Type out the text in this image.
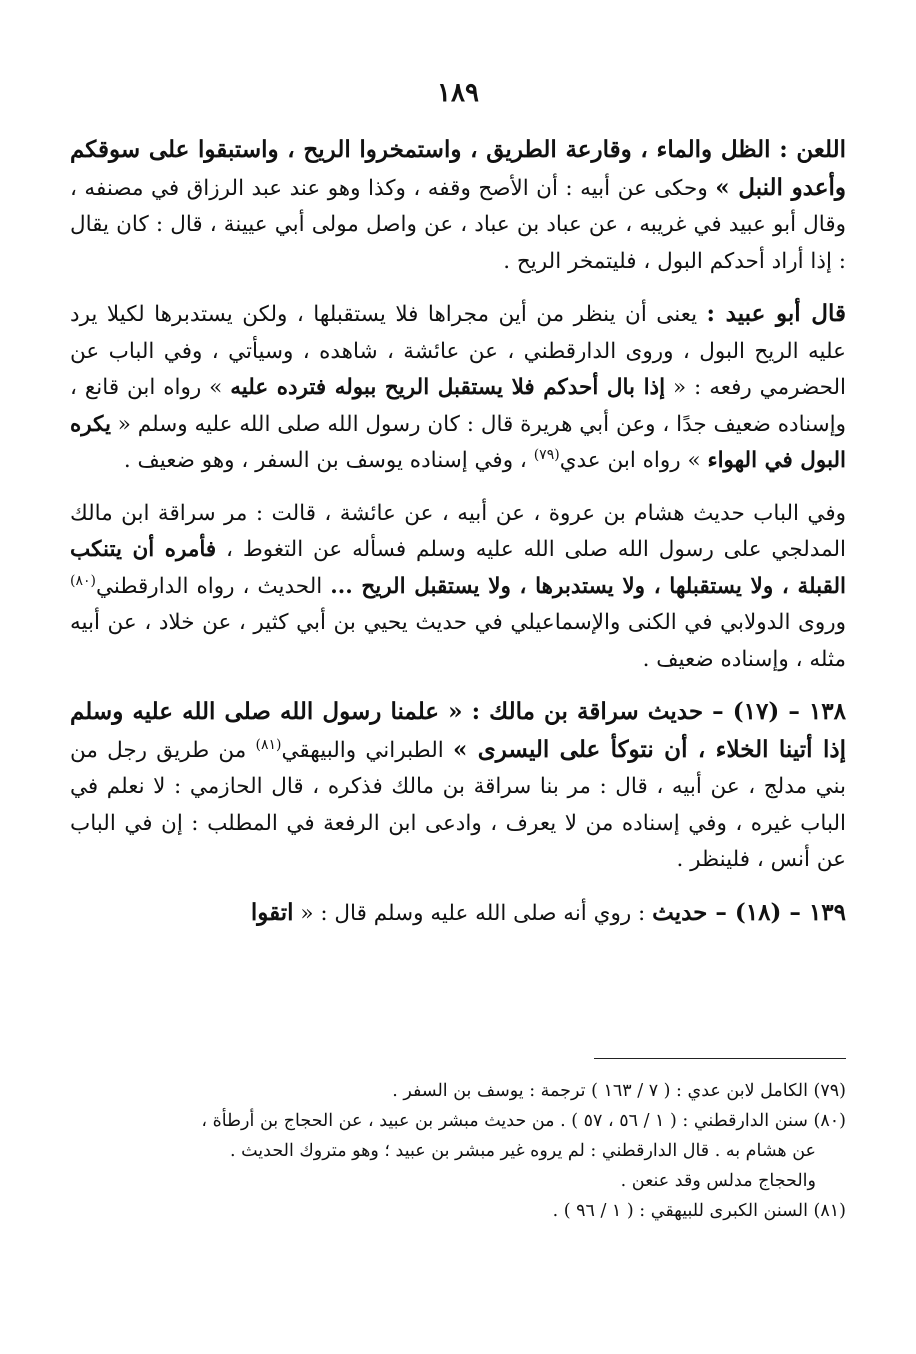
١٨٩

اللعن : الظل والماء ، وقارعة الطريق ، واستمخروا الريح ، واستبقوا على سوقكم وأعدو النبل » وحكى عن أبيه : أن الأصح وقفه ، وكذا وهو عند عبد الرزاق في مصنفه ، وقال أبو عبيد في غريبه ، عن عباد بن عباد ، عن واصل مولى أبي عيينة ، قال : كان يقال : إذا أراد أحدكم البول ، فليتمخر الريح .

قال أبو عبيد : يعنى أن ينظر من أين مجراها فلا يستقبلها ، ولكن يستدبرها لكيلا يرد عليه الريح البول ، وروى الدارقطني ، عن عائشة ، شاهده ، وسيأتي ، وفي الباب عن الحضرمي رفعه : « إذا بال أحدكم فلا يستقبل الريح ببوله فترده عليه » رواه ابن قانع ، وإسناده ضعيف جدًا ، وعن أبي هريرة قال : كان رسول الله صلى الله عليه وسلم « يكره البول في الهواء » رواه ابن عدي$^{(٧٩)}$ ، وفي إسناده يوسف بن السفر ، وهو ضعيف .

وفي الباب حديث هشام بن عروة ، عن أبيه ، عن عائشة ، قالت : مر سراقة ابن مالك المدلجي على رسول الله صلى الله عليه وسلم فسأله عن التغوط ، فأمره أن يتنكب القبلة ، ولا يستقبلها ، ولا يستدبرها ، ولا يستقبل الريح ... الحديث ، رواه الدارقطني$^{(٨٠)}$ وروى الدولابي في الكنى والإسماعيلي في حديث يحيي بن أبي كثير ، عن خلاد ، عن أبيه مثله ، وإسناده ضعيف .

١٣٨ – (١٧) – حديث سراقة بن مالك : « علمنا رسول الله صلى الله عليه وسلم إذا أتينا الخلاء ، أن نتوكأ على اليسرى » الطبراني والبيهقي$^{(٨١)}$ من طريق رجل من بني مدلج ، عن أبيه ، قال : مر بنا سراقة بن مالك فذكره ، قال الحازمي : لا نعلم في الباب غيره ، وفي إسناده من لا يعرف ، وادعى ابن الرفعة في المطلب : إن في الباب عن أنس ، فلينظر .

١٣٩ – (١٨) – حديث : روي أنه صلى الله عليه وسلم قال : « اتقوا

(٧٩) الكامل لابن عدي : ( ٧ / ١٦٣ ) ترجمة : يوسف بن السفر .

(٨٠) سنن الدارقطني : ( ١ / ٥٦ ، ٥٧ ) . من حديث مبشر بن عبيد ، عن الحجاج بن أرطأة ،

عن هشام به . قال الدارقطني : لم يروه غير مبشر بن عبيد ؛ وهو متروك الحديث .

والحجاج مدلس وقد عنعن .

(٨١) السنن الكبرى للبيهقي : ( ١ / ٩٦ ) .
